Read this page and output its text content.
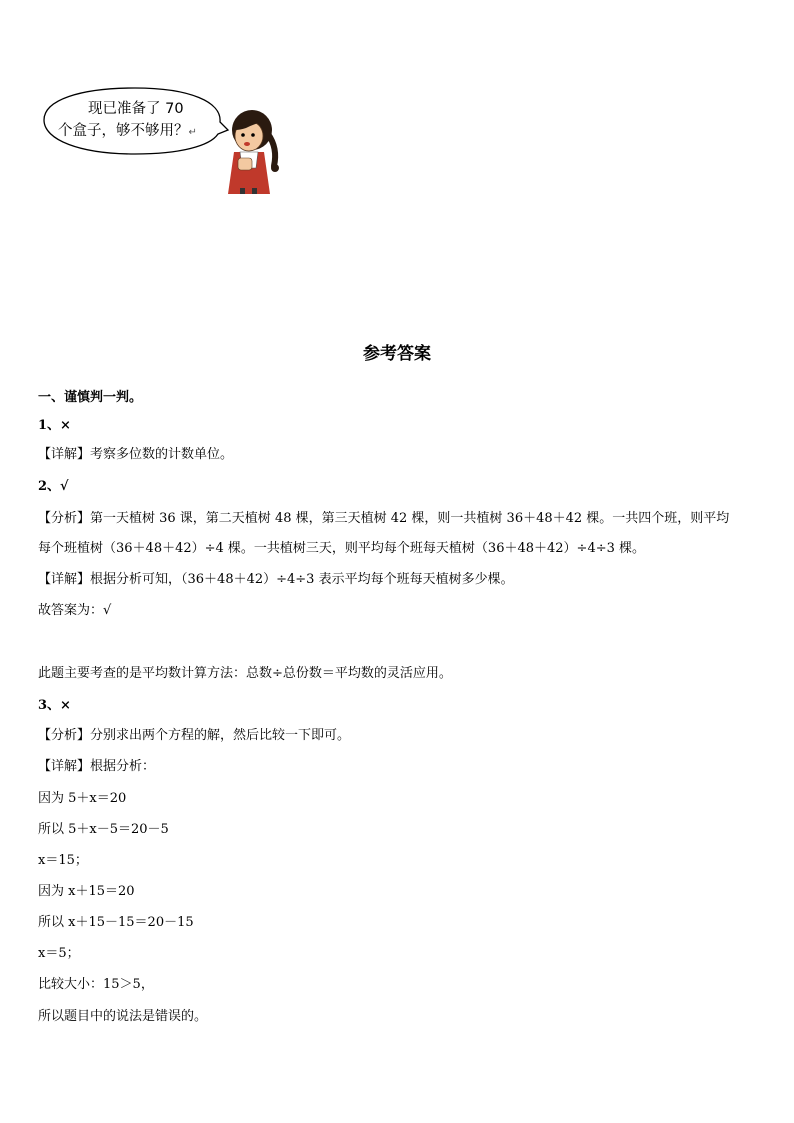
现已准备了 70
个盒子，够不够用？↵
参考答案
一、谨慎判一判。
1、×
【详解】考察多位数的计数单位。
2、√
【分析】第一天植树 36 课，第二天植树 48 棵，第三天植树 42 棵，则一共植树 36＋48＋42 棵。一共四个班，则平均
每个班植树（36＋48＋42）÷4 棵。一共植树三天，则平均每个班每天植树（36＋48＋42）÷4÷3 棵。
【详解】根据分析可知，（36＋48＋42）÷4÷3 表示平均每个班每天植树多少棵。
故答案为：√
此题主要考查的是平均数计算方法：总数÷总份数＝平均数的灵活应用。
3、×
【分析】分别求出两个方程的解，然后比较一下即可。
【详解】根据分析：
因为 5＋x＝20
所以 5＋x－5＝20－5
x＝15；
因为 x＋15＝20
所以 x＋15－15＝20－15
x＝5；
比较大小：15＞5，
所以题目中的说法是错误的。
